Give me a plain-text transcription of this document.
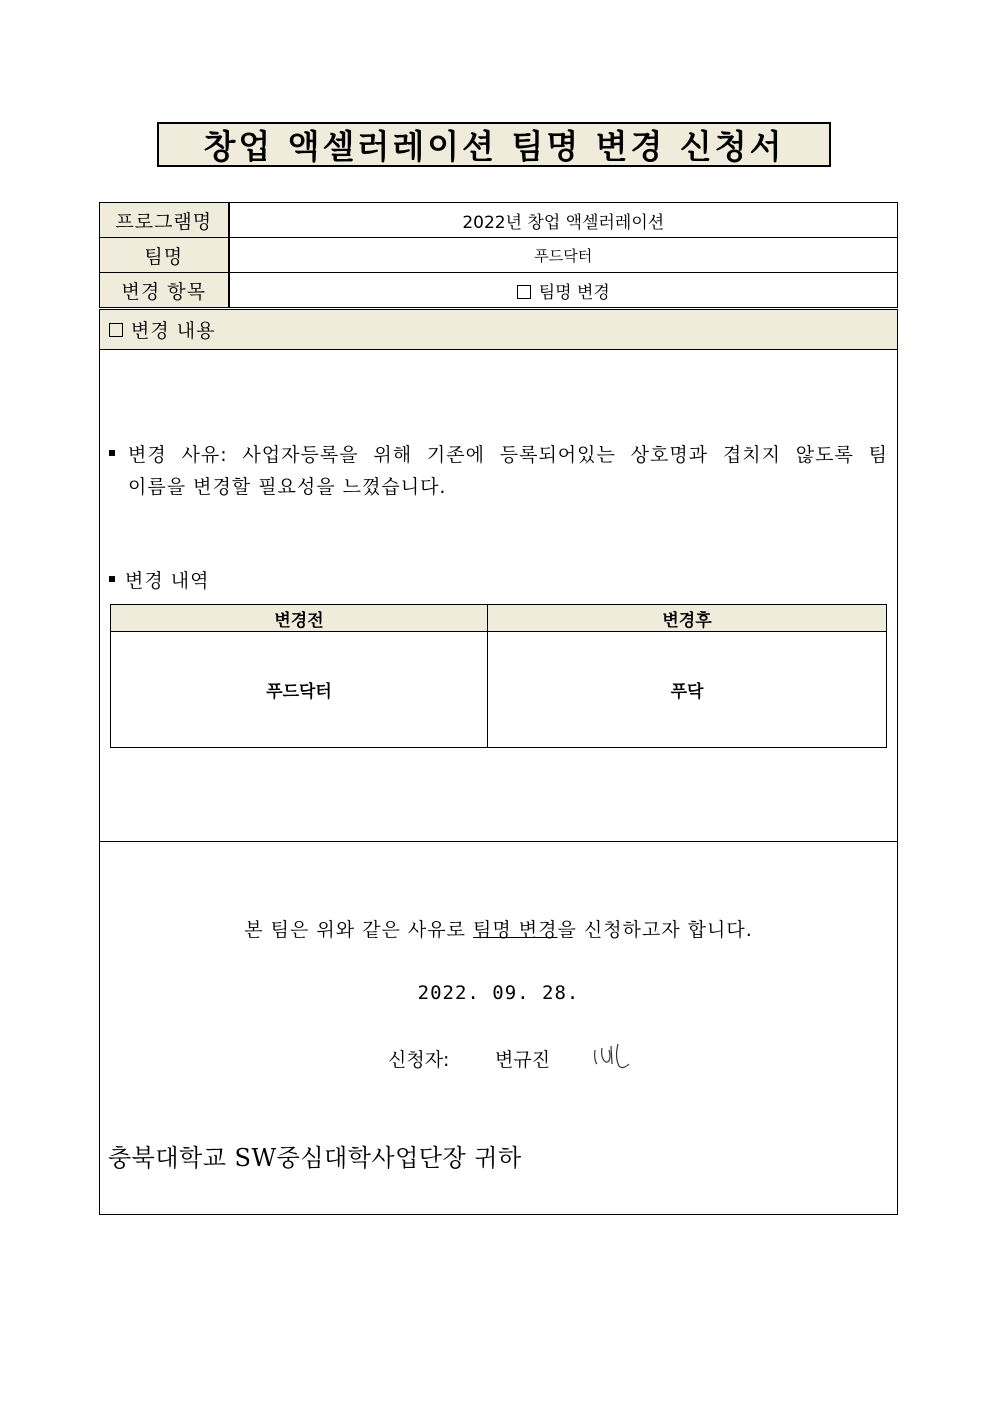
창업 액셀러레이션 팀명 변경 신청서
프로그램명	2022년 창업 액셀러레이션
팀명	푸드닥터
변경 항목	팀명 변경
변경 내용
변경 사유: 사업자등록을 위해 기존에 등록되어있는 상호명과 겹치지 않도록 팀
이름을 변경할 필요성을 느꼈습니다.
변경 내역
변경전	변경후
푸드닥터	푸닥
본 팀은 위와 같은 사유로 팀명 변경을 신청하고자 합니다.
2022. 09. 28.
신청자: 변규진
충북대학교 SW중심대학사업단장 귀하
